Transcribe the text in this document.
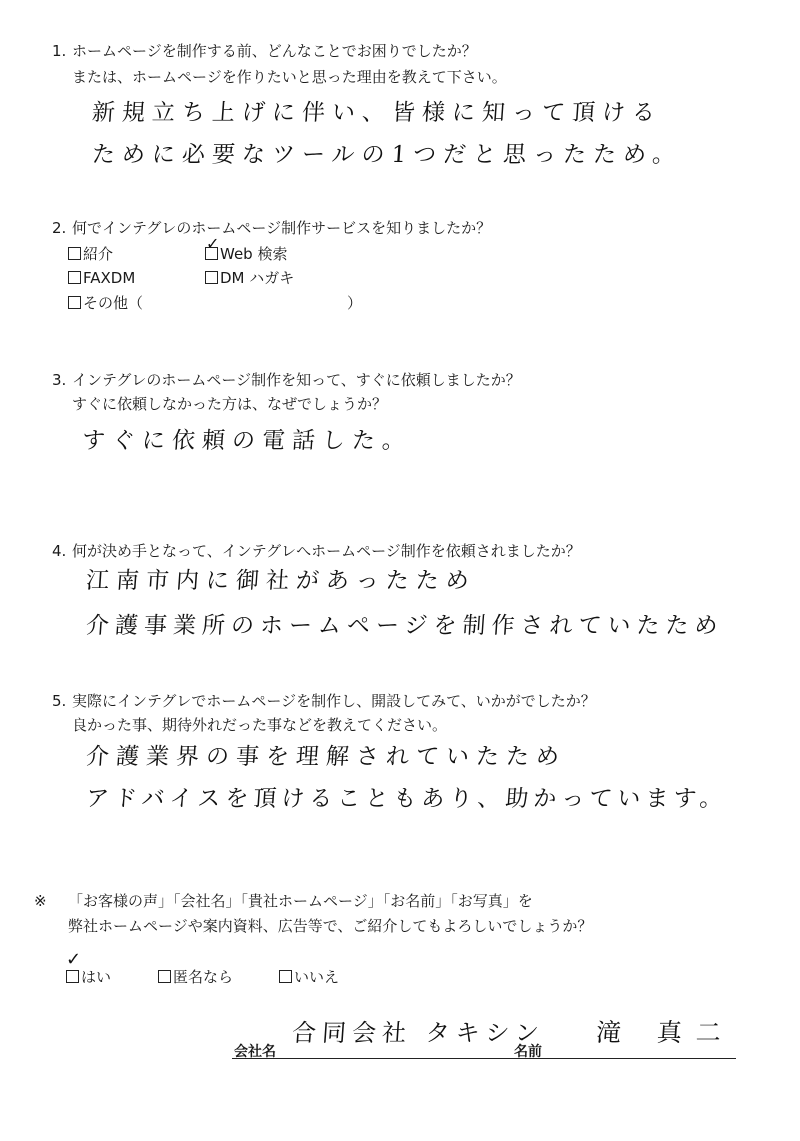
1. ホームページを制作する前、どんなことでお困りでしたか？
または、ホームページを作りたいと思った理由を教えて下さい。
新規立ち上げに伴い、皆様に知って頂ける
ために必要なツールの1つだと思ったため。
2. 何でインテグレのホームページ制作サービスを知りましたか？
紹介	Web 検索
✓
FAXDM	DM ハガキ
その他（	）
3. インテグレのホームページ制作を知って、すぐに依頼しましたか？
すぐに依頼しなかった方は、なぜでしょうか？
すぐに依頼の電話した。
4. 何が決め手となって、インテグレへホームページ制作を依頼されましたか？
江南市内に御社があったため
介護事業所のホームページを制作されていたため
5. 実際にインテグレでホームページを制作し、開設してみて、いかがでしたか？
良かった事、期待外れだった事などを教えてください。
介護業界の事を理解されていたため
アドバイスを頂けることもあり、助かっています。
※ 「お客様の声」「会社名」「貴社ホームページ」「お名前」「お写真」を
弊社ホームページや案内資料、広告等で、ご紹介してもよろしいでしょうか？
✓
はい	匿名なら	いいえ
会社名
合同会社 タキシン
名前
滝 真二
